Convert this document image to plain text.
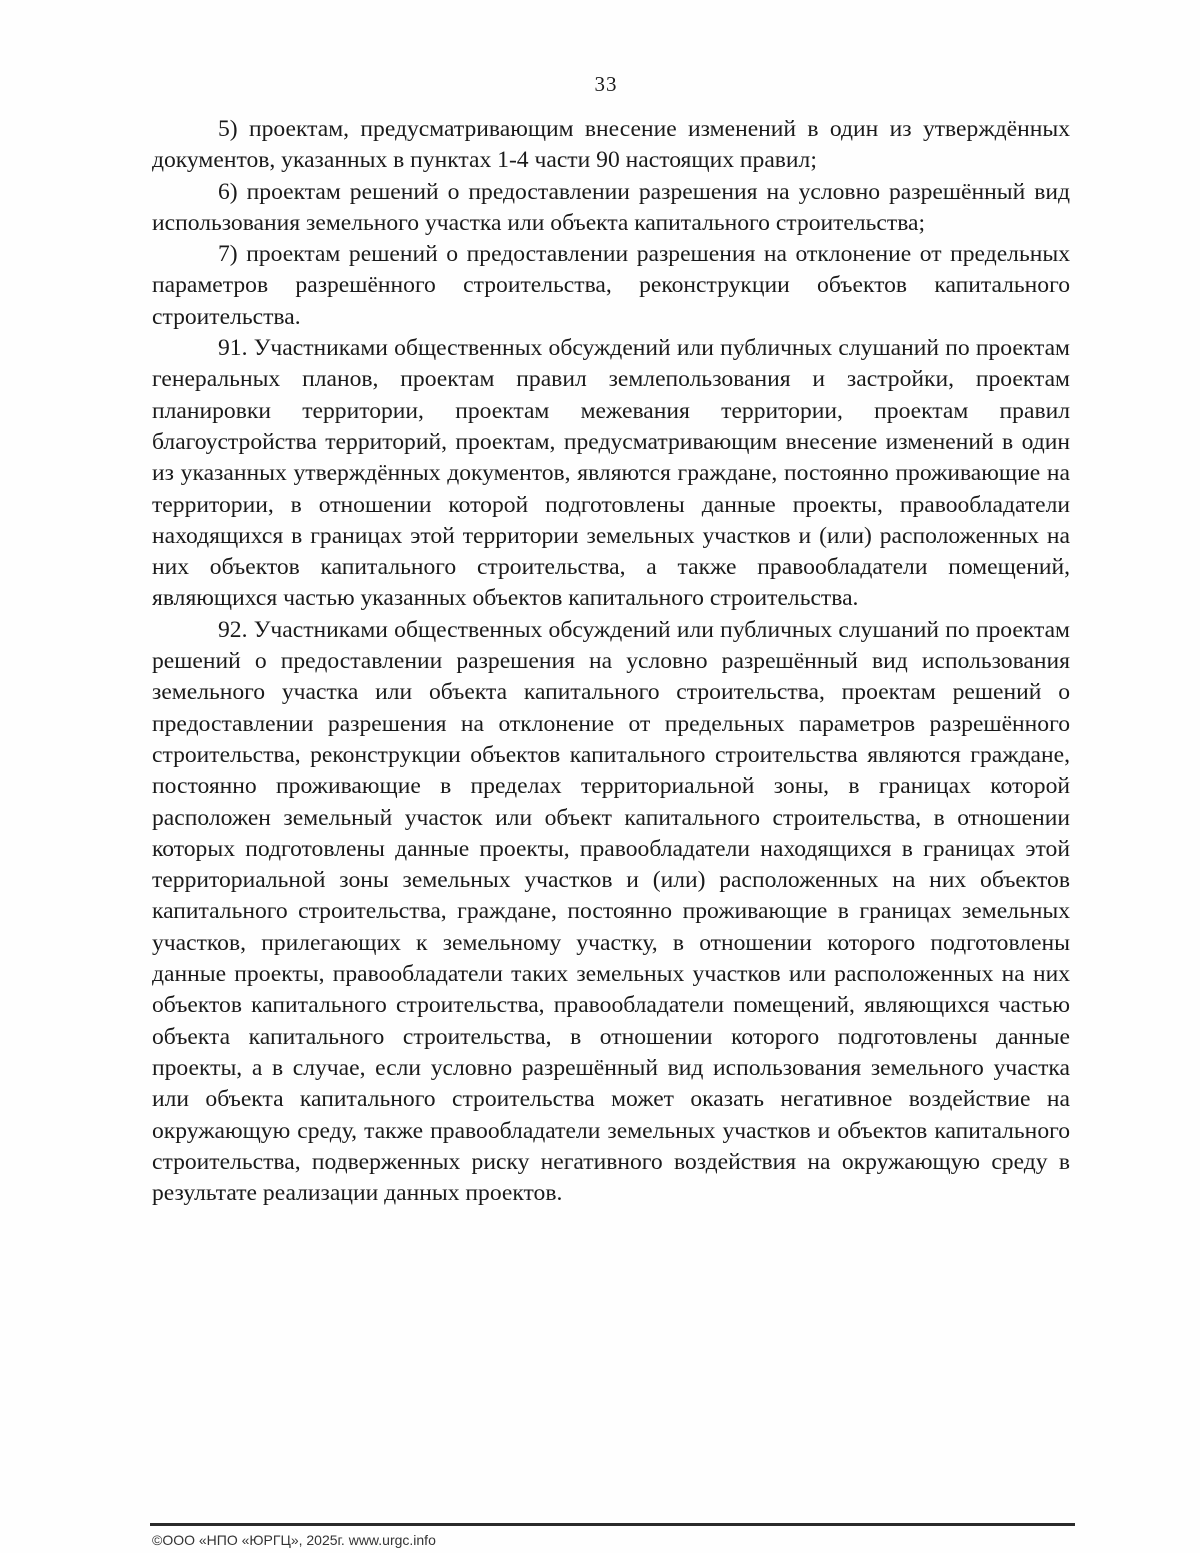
33

5) проектам, предусматривающим внесение изменений в один из утверждённых документов, указанных в пунктах 1-4 части 90 настоящих правил;

6) проектам решений о предоставлении разрешения на условно разрешённый вид использования земельного участка или объекта капитального строительства;

7) проектам решений о предоставлении разрешения на отклонение от предельных параметров разрешённого строительства, реконструкции объектов капитального строительства.

91. Участниками общественных обсуждений или публичных слушаний по проектам генеральных планов, проектам правил землепользования и застройки, проектам планировки территории, проектам межевания территории, проектам правил благоустройства территорий, проектам, предусматривающим внесение изменений в один из указанных утверждённых документов, являются граждане, постоянно проживающие на территории, в отношении которой подготовлены данные проекты, правообладатели находящихся в границах этой территории земельных участков и (или) расположенных на них объектов капитального строительства, а также правообладатели помещений, являющихся частью указанных объектов капитального строительства.

92. Участниками общественных обсуждений или публичных слушаний по проектам решений о предоставлении разрешения на условно разрешённый вид использования земельного участка или объекта капитального строительства, проектам решений о предоставлении разрешения на отклонение от предельных параметров разрешённого строительства, реконструкции объектов капитального строительства являются граждане, постоянно проживающие в пределах территориальной зоны, в границах которой расположен земельный участок или объект капитального строительства, в отношении которых подготовлены данные проекты, правообладатели находящихся в границах этой территориальной зоны земельных участков и (или) расположенных на них объектов капитального строительства, граждане, постоянно проживающие в границах земельных участков, прилегающих к земельному участку, в отношении которого подготовлены данные проекты, правообладатели таких земельных участков или расположенных на них объектов капитального строительства, правообладатели помещений, являющихся частью объекта капитального строительства, в отношении которого подготовлены данные проекты, а в случае, если условно разрешённый вид использования земельного участка или объекта капитального строительства может оказать негативное воздействие на окружающую среду, также правообладатели земельных участков и объектов капитального строительства, подверженных риску негативного воздействия на окружающую среду в результате реализации данных проектов.

©ООО «НПО «ЮРГЦ», 2025г. www.urgc.info
